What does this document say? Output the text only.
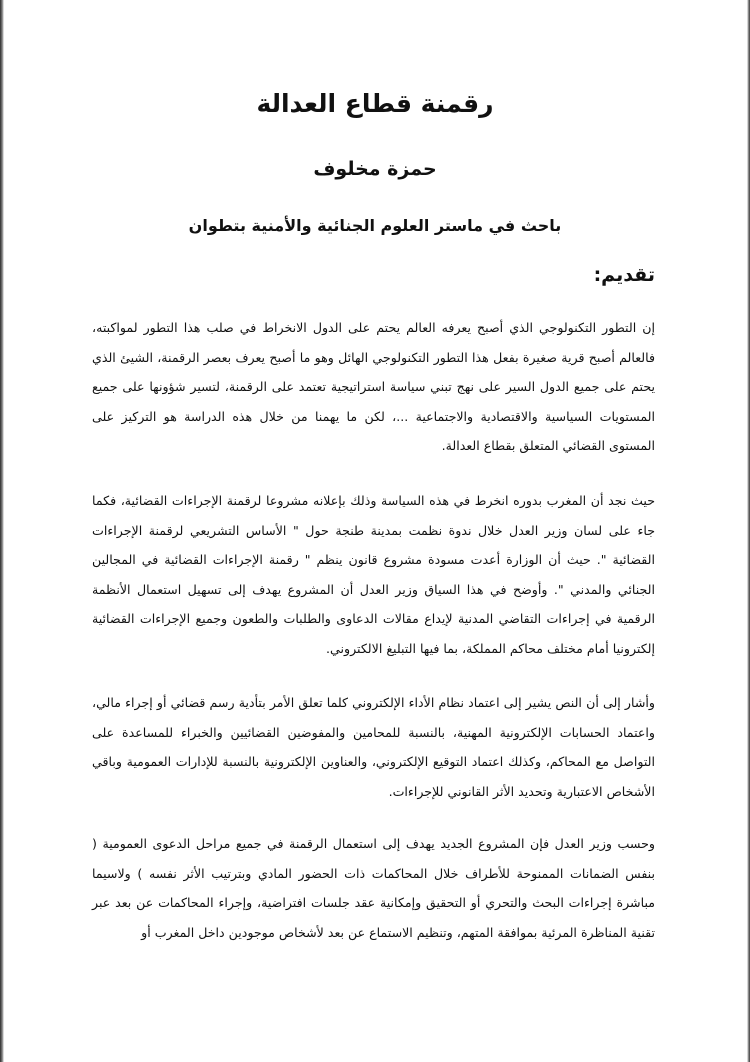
رقمنة قطاع العدالة
حمزة مخلوف
باحث في ماستر العلوم الجنائية والأمنية بتطوان
تقديم:

إن التطور التكنولوجي الذي أصبح يعرفه العالم يحتم على الدول الانخراط في صلب هذا التطور لمواكبته، فالعالم أصبح قرية صغيرة بفعل هذا التطور التكنولوجي الهائل وهو ما أصبح يعرف بعصر الرقمنة، الشيئ الذي يحتم على جميع الدول السير على نهج تبني سياسة استراتيجية تعتمد على الرقمنة، لتسير شؤونها على جميع المستويات السياسية والاقتصادية والاجتماعية ...، لكن ما يهمنا من خلال هذه الدراسة هو التركيز على المستوى القضائي المتعلق بقطاع العدالة.

حيث نجد أن المغرب بدوره انخرط في هذه السياسة وذلك بإعلانه مشروعا لرقمنة الإجراءات القضائية، فكما جاء على لسان وزير العدل خلال ندوة نظمت بمدينة طنجة حول " الأساس التشريعي لرقمنة الإجراءات القضائية ". حيث أن الوزارة أعدت مسودة مشروع قانون ينظم " رقمنة الإجراءات القضائية في المجالين الجنائي والمدني ". وأوضح في هذا السياق وزير العدل أن المشروع يهدف إلى تسهيل استعمال الأنظمة الرقمية في إجراءات التقاضي المدنية لإيداع مقالات الدعاوى والطلبات والطعون وجميع الإجراءات القضائية إلكترونيا أمام مختلف محاكم المملكة، بما فيها التبليغ الالكتروني.

وأشار إلى أن النص يشير إلى اعتماد نظام الأداء الإلكتروني كلما تعلق الأمر بتأدية رسم قضائي أو إجراء مالي، واعتماد الحسابات الإلكترونية المهنية، بالنسبة للمحامين والمفوضين القضائيين والخبراء للمساعدة على التواصل مع المحاكم، وكذلك اعتماد التوقيع الإلكتروني، والعناوين الإلكترونية بالنسبة للإدارات العمومية وباقي الأشخاص الاعتبارية وتحديد الأثر القانوني للإجراءات.

وحسب وزير العدل فإن المشروع الجديد يهدف إلى استعمال الرقمنة في جميع مراحل الدعوى العمومية ( بنفس الضمانات الممنوحة للأطراف خلال المحاكمات ذات الحضور المادي وبترتيب الأثر نفسه ) ولاسيما مباشرة إجراءات البحث والتحري أو التحقيق وإمكانية عقد جلسات افتراضية، وإجراء المحاكمات عن بعد عبر تقنية المناظرة المرئية بموافقة المتهم، وتنظيم الاستماع عن بعد لأشخاص موجودين داخل المغرب أو
